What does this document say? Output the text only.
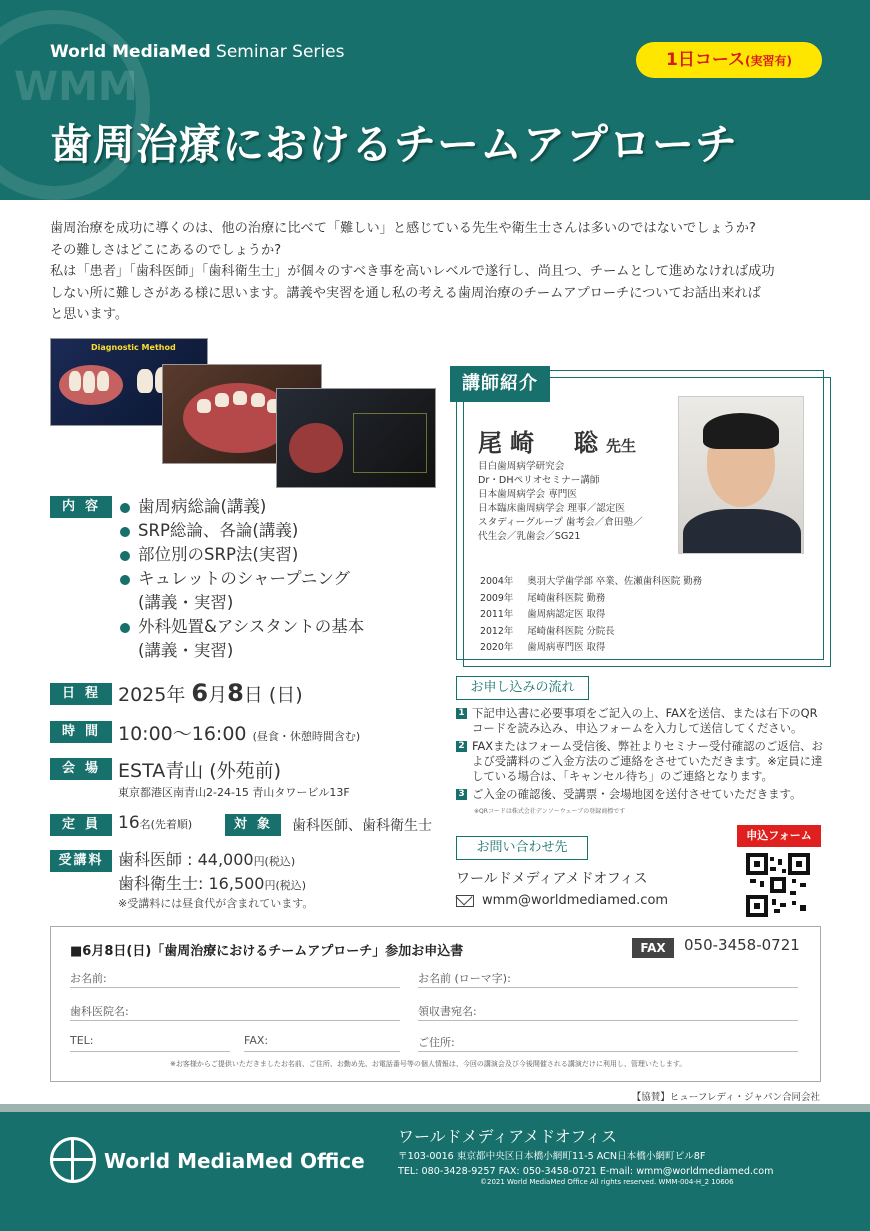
WMM
World MediaMed Seminar Series	1日コース(実習有)
歯周治療におけるチームアプローチ

歯周治療を成功に導くのは、他の治療に比べて「難しい」と感じている先生や衛生士さんは多いのではないでしょうか?

その難しさはどこにあるのでしょうか?

私は「患者」「歯科医師」「歯科衛生士」が個々のすべき事を高いレベルで遂行し、尚且つ、チームとして進めなければ成功

しない所に難しさがある様に思います。講義や実習を通し私の考える歯周治療のチームアプローチについてお話出来れば

と思います。

Diagnostic Method
内容	歯周病総論(講義)
SRP総論、各論(講義)
部位別のSRP法(実習)
キュレットのシャープニング
(講義・実習)
外科処置&アシスタントの基本
(講義・実習)
日程 2025年 6月8日 (日)
時間 10:00〜16:00 (昼食・休憩時間含む)
会場 ESTA青山 (外苑前)
東京都港区南青山2-24-15 青山タワービル13F
定員 16名(先着順)	対象 歯科医師、歯科衛生士
受講料 歯科医師 : 44,000円(税込)
歯科衛生士: 16,500円(税込)
※受講料には昼食代が含まれています。
講師紹介
尾崎　聡先生
目白歯周病学研究会
Dr・DHペリオセミナー講師
日本歯周病学会 専門医
日本臨床歯周病学会 理事／認定医
スタディーグループ 歯考会／倉田塾／
代生会／乳歯会／SG21
2004年	奥羽大学歯学部 卒業、佐瀬歯科医院 勤務
2009年	尾崎歯科医院 勤務
2011年	歯周病認定医 取得
2012年	尾崎歯科医院 分院長
2020年	歯周病専門医 取得
お申し込みの流れ
1 下記申込書に必要事項をご記入の上、FAXを送信、または右下のQRコードを読み込み、申込フォームを入力して送信してください。
2 FAXまたはフォーム受信後、弊社よりセミナー受付確認のご返信、および受講料のご入金方法のご連絡をさせていただきます。※定員に達している場合は、「キャンセル待ち」のご連絡となります。
3 ご入金の確認後、受講票・会場地図を送付させていただきます。
※QRコードは株式会社デンソーウェーブの登録商標です
お問い合わせ先
ワールドメディアメドオフィス
wmm@worldmediamed.com
申込フォーム
■6月8日(日)「歯周治療におけるチームアプローチ」参加お申込書	FAX	050-3458-0721
お名前:	お名前 (ローマ字):
歯科医院名:	領収書宛名:
TEL:	FAX:	ご住所:
※お客様からご提供いただきましたお名前、ご住所、お勤め先、お電話番号等の個人情報は、今回の講演会及び今後開催される講演だけに利用し、管理いたします。
【協賛】ヒューフレディ・ジャパン合同会社
World MediaMed Office
ワールドメディアメドオフィス
〒103-0016 東京都中央区日本橋小網町11-5 ACN日本橋小網町ビル8F
TEL: 080-3428-9257 FAX: 050-3458-0721 E-mail: wmm@worldmediamed.com
©2021 World MediaMed Office All rights reserved. WMM-004-H_2 10606
